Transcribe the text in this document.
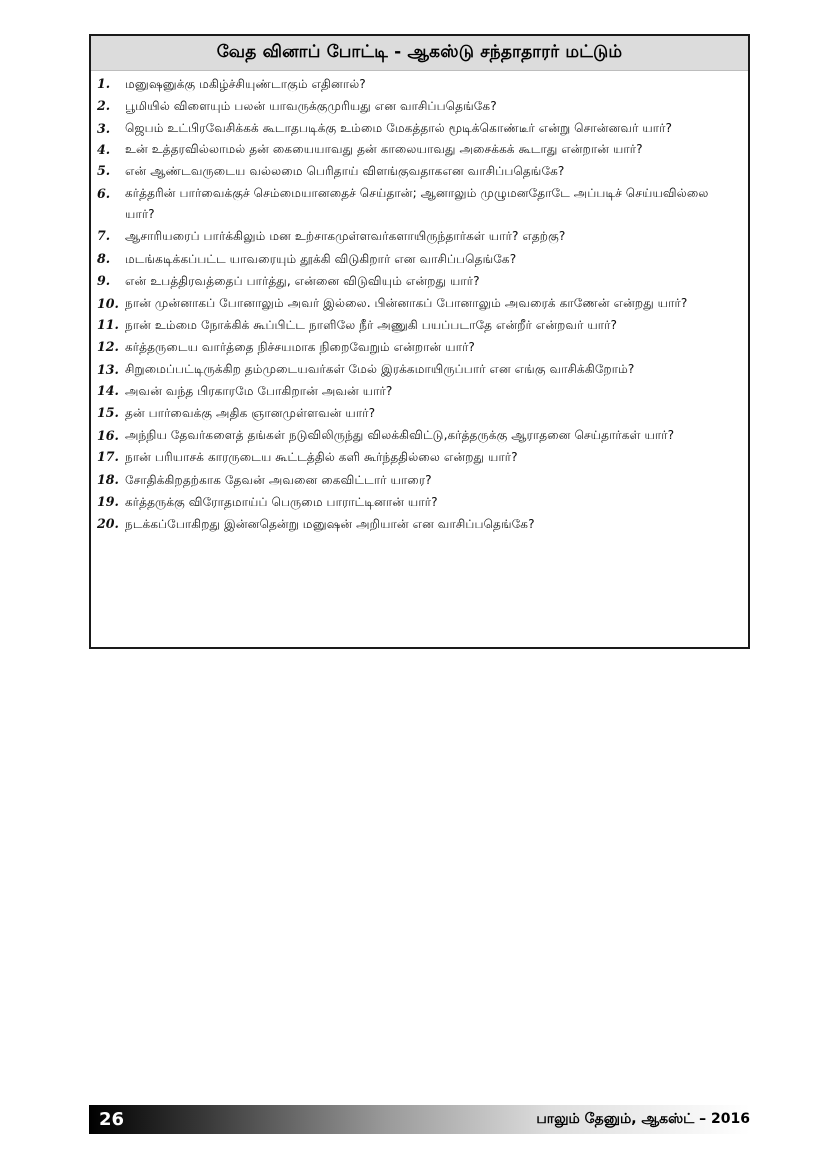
வேத வினாப் போட்டி - ஆகஸ்டு சந்தாதாரர் மட்டும்
1.	மனுஷனுக்கு மகிழ்ச்சியுண்டாகும் எதினால்?
2.	பூமியில் விளையும் பலன் யாவருக்குமுரியது என வாசிப்பதெங்கே?
3.	ஜெபம் உட்பிரவேசிக்கக் கூடாதபடிக்கு உம்மை மேகத்தால் மூடிக்கொண்டீர் என்று சொன்னவர் யார்?
4.	உன் உத்தரவில்லாமல் தன் கையையாவது தன் காலையாவது அசைக்கக் கூடாது என்றான் யார்?
5.	என் ஆண்டவருடைய வல்லமை பெரிதாய் விளங்குவதாகஎன வாசிப்பதெங்கே?
6.	கர்த்தரின் பார்வைக்குச் செம்மையானதைச் செய்தான்; ஆனாலும் முழுமனதோடே அப்படிச் செய்யவில்லை யார்?
7.	ஆசாரியரைப் பார்க்கிலும் மன உற்சாகமுள்ளவர்களாயிருந்தார்கள் யார்? எதற்கு?
8.	மடங்கடிக்கப்பட்ட யாவரையும் தூக்கி விடுகிறார் என வாசிப்பதெங்கே?
9.	என் உபத்திரவத்தைப் பார்த்து, என்னை விடுவியும் என்றது யார்?
10. நான் முன்னாகப் போனாலும் அவர் இல்லை. பின்னாகப் போனாலும் அவரைக் காணேன் என்றது யார்?
11. நான் உம்மை நோக்கிக் கூப்பிட்ட நாளிலே நீர் அணுகி பயப்படாதே என்றீர் என்றவர் யார்?
12. கர்த்தருடைய வார்த்தை நிச்சயமாக நிறைவேறும் என்றான் யார்?
13. சிறுமைப்பட்டிருக்கிற தம்முடையவர்கள் மேல் இரக்கமாயிருப்பார் என எங்கு வாசிக்கிறோம்?
14. அவன் வந்த பிரகாரமே போகிறான் அவன் யார்?
15. தன் பார்வைக்கு அதிக ஞானமுள்ளவன் யார்?
16. அந்நிய தேவர்களைத் தங்கள் நடுவிலிருந்து விலக்கிவிட்டு,கர்த்தருக்கு ஆராதனை செய்தார்கள் யார்?
17. நான் பரியாசக் காரருடைய கூட்டத்தில் களி கூர்ந்ததில்லை என்றது யார்?
18. சோதிக்கிறதற்காக தேவன் அவனை கைவிட்டார் யாரை?
19. கர்த்தருக்கு விரோதமாய்ப் பெருமை பாராட்டினான் யார்?
20. நடக்கப்போகிறது இன்னதென்று மனுஷன் அறியான் என வாசிப்பதெங்கே?
26	பாலும் தேனும், ஆகஸ்ட் – 2016
